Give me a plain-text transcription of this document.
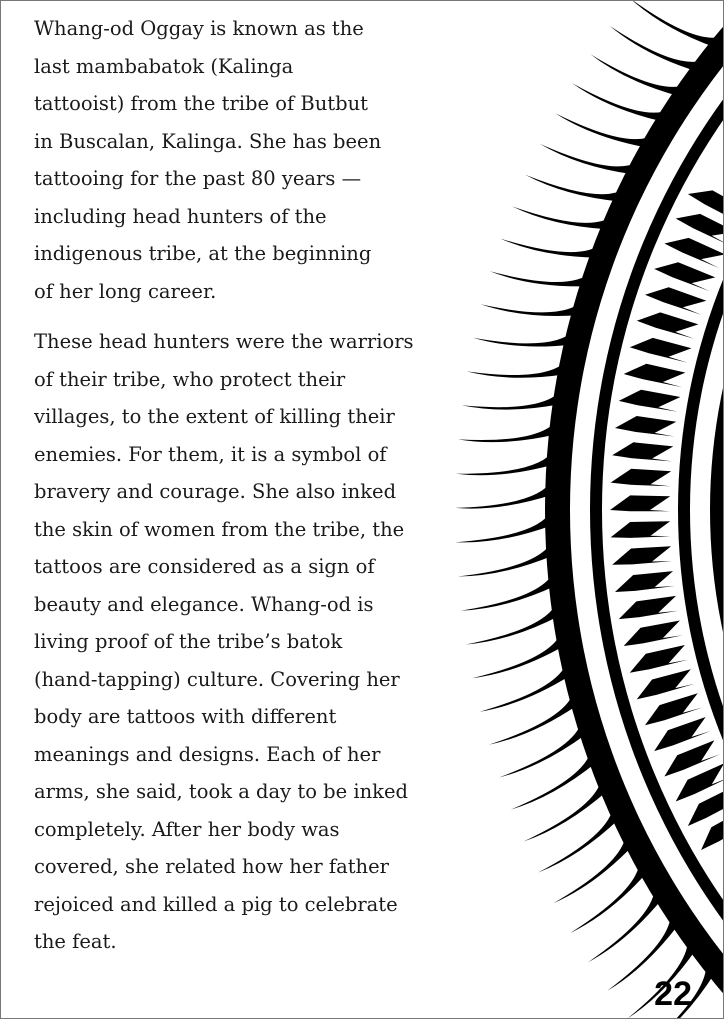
Whang-od Oggay is known as the
last mambabatok (Kalinga
tattooist) from the tribe of Butbut
in Buscalan, Kalinga. She has been
tattooing for the past 80 years —
including head hunters of the
indigenous tribe, at the beginning
of her long career.
These head hunters were the warriors
of their tribe, who protect their
villages, to the extent of killing their
enemies. For them, it is a symbol of
bravery and courage. She also inked
the skin of women from the tribe, the
tattoos are considered as a sign of
beauty and elegance. Whang-od is
living proof of the tribe’s batok
(hand-tapping) culture. Covering her
body are tattoos with different
meanings and designs. Each of her
arms, she said, took a day to be inked
completely. After her body was
covered, she related how her father
rejoiced and killed a pig to celebrate
the feat.
22
